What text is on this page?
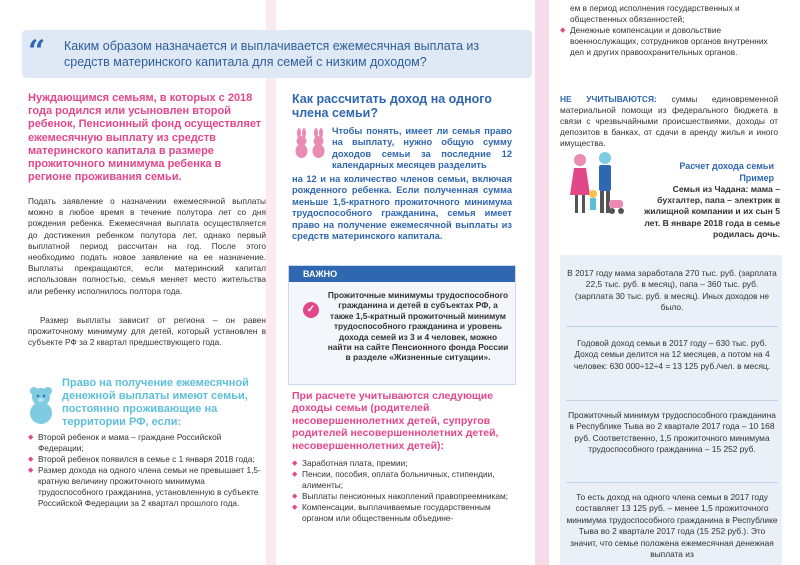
“ Каким образом назначается и выплачивается ежемесячная выплата из средств материнского капитала для семей с низким доходом?
Нуждающимся семьям, в которых с 2018 года родился или усыновлен второй ребенок, Пенсионный фонд осуществляет ежемесячную выплату из средств материнского капитала в размере прожиточного минимума ребенка в регионе проживания семьи.
Подать заявление о назначении ежемесячной выплаты можно в любое время в течение полутора лет со дня рождения ребенка. Ежемесячная выплата осуществляется до достижения ребенком полутора лет, однако первый выплатной период рассчитан на год. После этого необходимо подать новое заявление на ее назначение. Выплаты прекращаются, если материнский капитал использован полностью, семья меняет место жительства или ребенку исполнилось полтора года.
Размер выплаты зависит от региона – он равен прожиточному минимуму для детей, который установлен в субъекте РФ за 2 квартал предшествующего года.
Право на получение ежемесячной денежной выплаты имеют семьи, постоянно проживающие на территории РФ, если:
◆ Второй ребенок и мама – граждане Российской Федерации;
◆ Второй ребенок появился в семье с 1 января 2018 года;
◆ Размер дохода на одного члена семьи не превышает 1,5-кратную величину прожиточного минимума трудоспособного гражданина, установленную в субъекте Российской Федерации за 2 квартал прошлого года.
Как рассчитать доход на одного члена семьи?
Чтобы понять, имеет ли семья право на выплату, нужно общую сумму доходов семьи за последние 12 календарных месяцев разделить
на 12 и на количество членов семьи, включая рожденного ребенка. Если полученная сумма меньше 1,5-кратного прожиточного минимума трудоспособного гражданина, семья имеет право на получение ежемесячной выплаты из средств материнского капитала.
ВАЖНО
✓
Прожиточные минимумы трудоспособного гражданина и детей в субъектах РФ, а также 1,5-кратный прожиточный минимум трудоспособного гражданина и уровень дохода семей из 3 и 4 человек, можно найти на сайте Пенсионного фонда России в разделе «Жизненные ситуации».
При расчете учитываются следующие доходы семьи (родителей несовершеннолетних детей, супругов родителей несовершеннолетних детей, несовершеннолетних детей):
◆ Заработная плата, премии;
◆ Пенсии, пособия, оплата больничных, стипендии, алименты;
◆ Выплаты пенсионных накоплений правопреемникам;
◆ Компенсации, выплачиваемые государственным органом или общественным объедине-
ем в период исполнения государственных и общественных обязанностей;
◆ Денежные компенсации и довольствие военнослужащих, сотрудников органов внутренних дел и других правоохранительных органов.
НЕ УЧИТЫВАЮТСЯ: суммы единовременной материальной помощи из федерального бюджета в связи с чрезвычайными происшествиями, доходы от депозитов в банках, от сдачи в аренду жилья и иного имущества.
Расчет дохода семьи
Пример
Семья из Чадана: мама – бухгалтер, папа – электрик в жилищной компании и их сын 5 лет. В январе 2018 года в семье родилась дочь.
В 2017 году мама заработала 270 тыс. руб. (зарплата 22,5 тыс. руб. в месяц), папа – 360 тыс. руб. (зарплата 30 тыс. руб. в месяц). Иных доходов не было.
Годовой доход семьи в 2017 году – 630 тыс. руб. Доход семьи делится на 12 месяцев, а потом на 4 человек: 630 000÷12÷4 = 13 125 руб./чел. в месяц.
Прожиточный минимум трудоспособного гражданина в Республике Тыва во 2 квартале 2017 года – 10 168 руб. Соответственно, 1,5 прожиточного минимума трудоспособного гражданина – 15 252 руб.
То есть доход на одного члена семьи в 2017 году составляет 13 125 руб. – менее 1,5 прожиточного минимума трудоспособного гражданина в Республике Тыва во 2 квартале 2017 года (15 252 руб.). Это значит, что семье положена ежемесячная денежная выплата из
